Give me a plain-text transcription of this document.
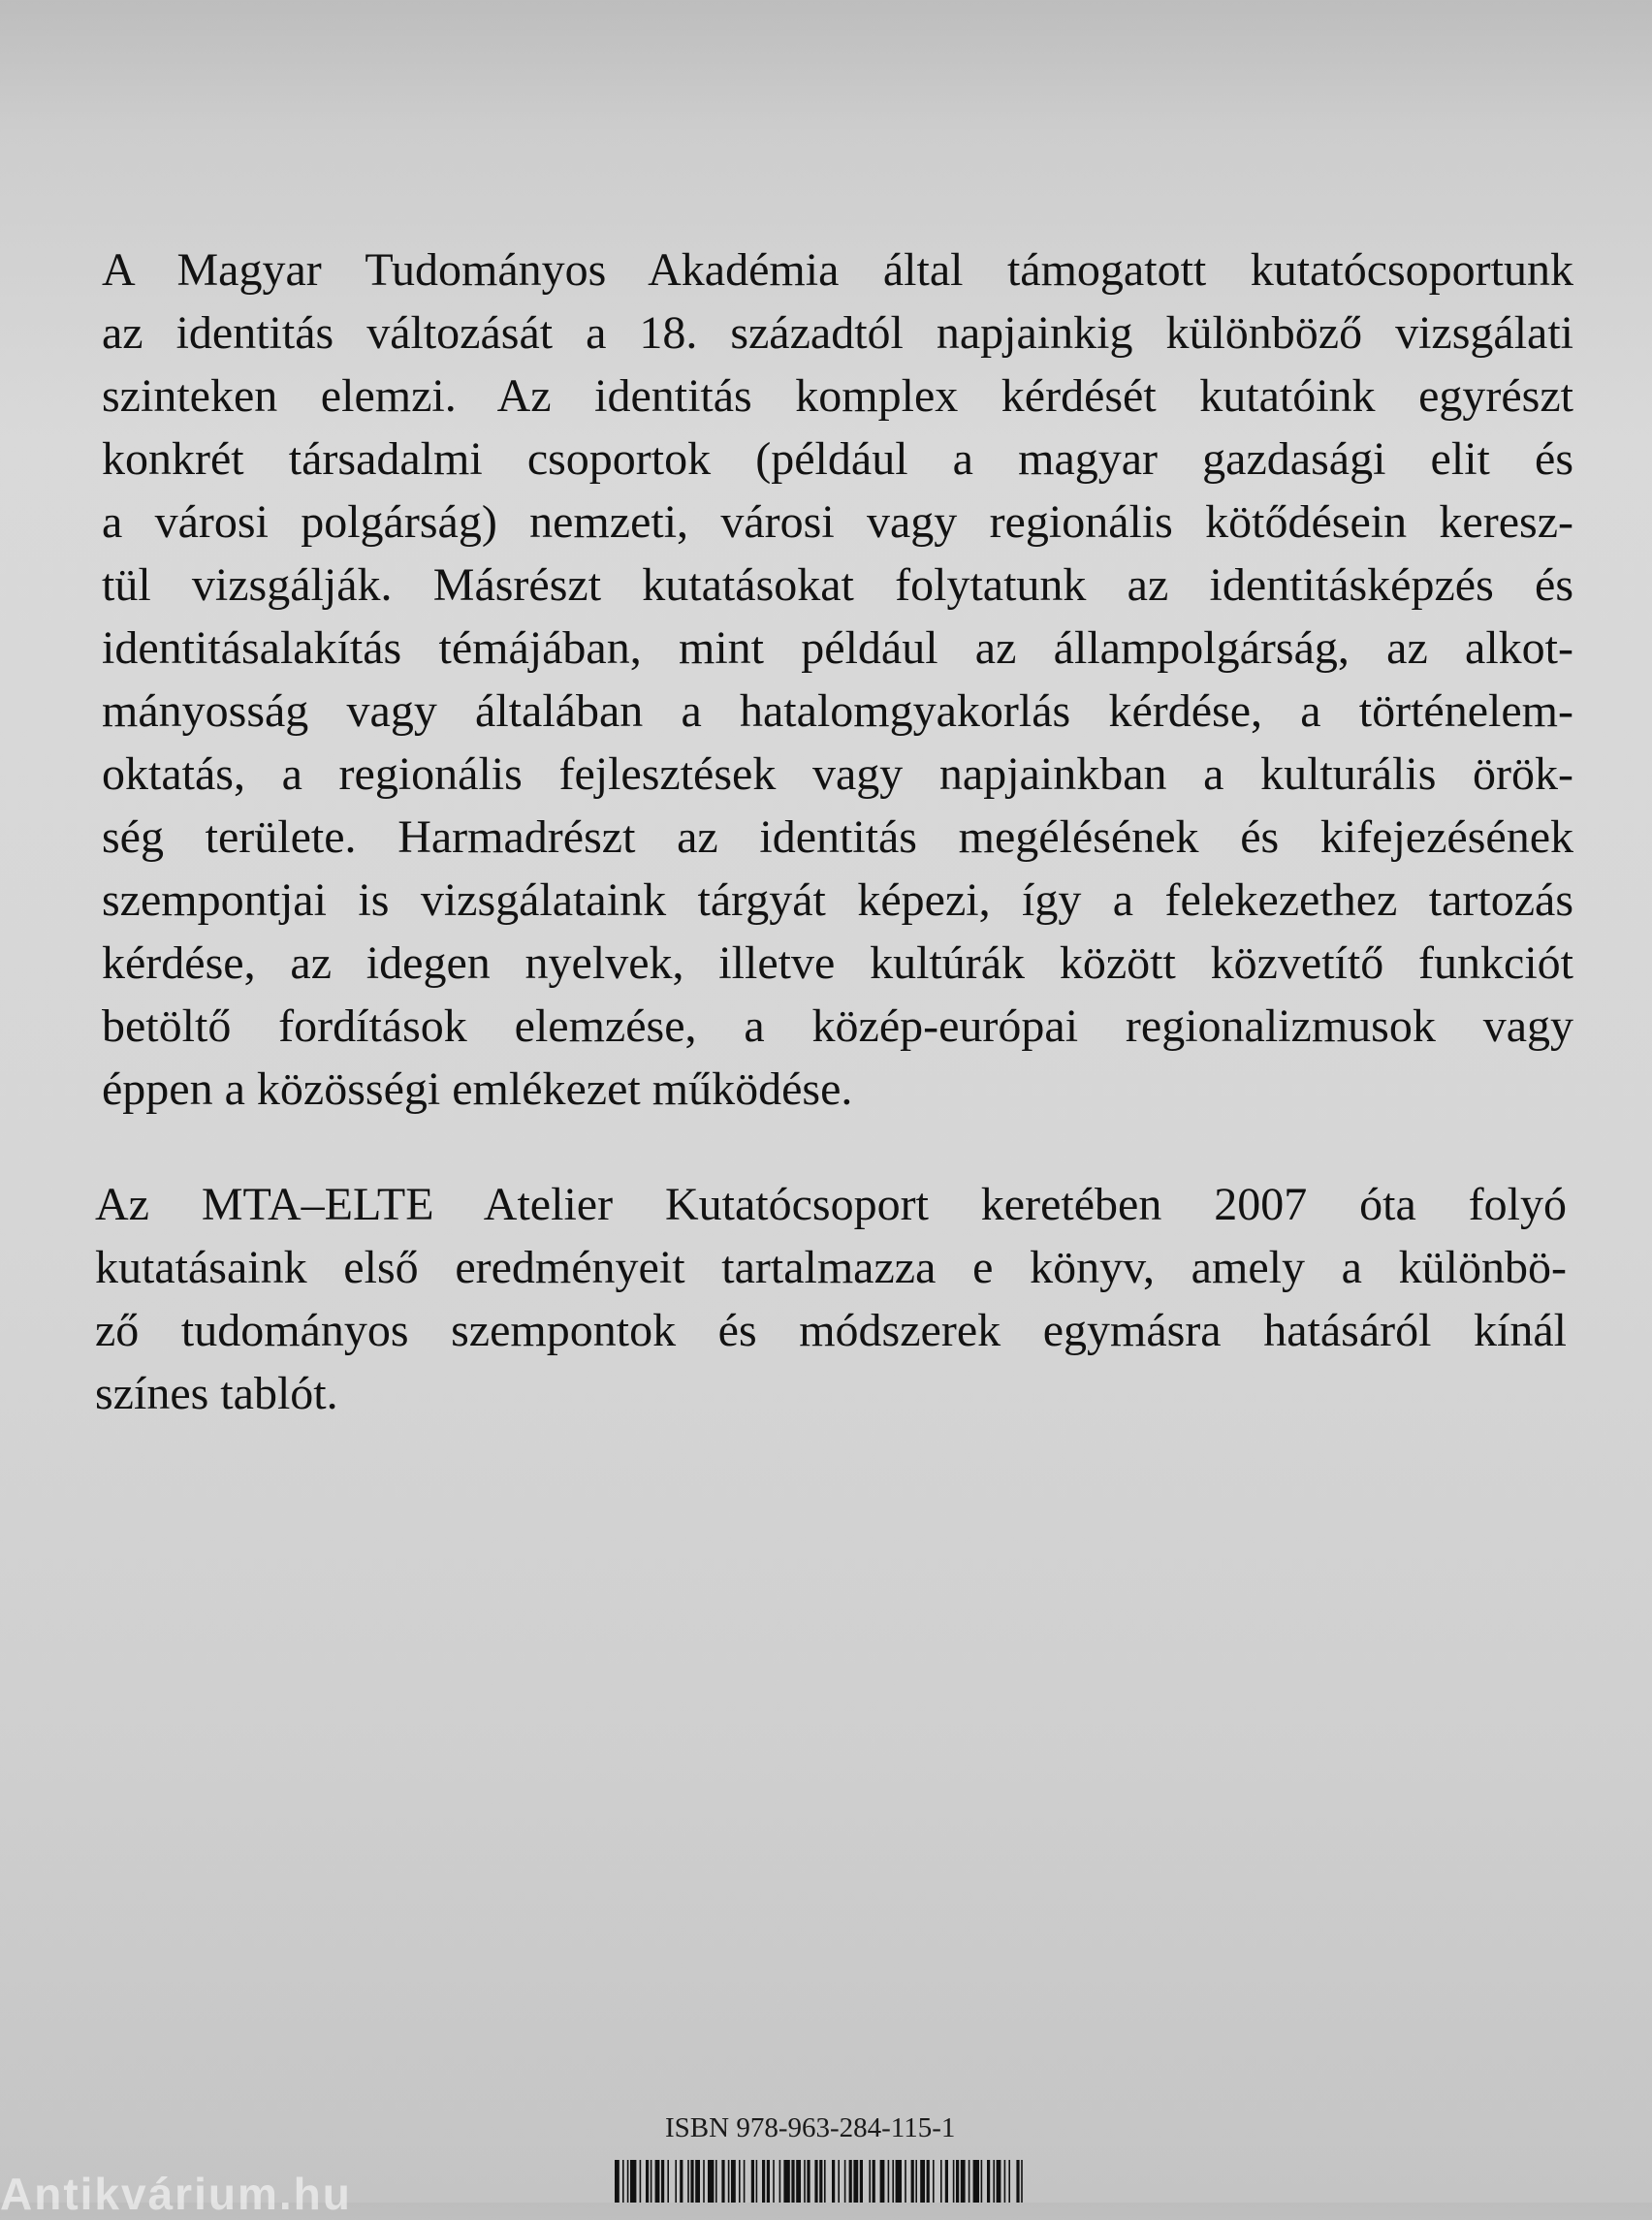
A Magyar Tudományos Akadémia által támogatott kutatócsoportunk
az identitás változását a 18. századtól napjainkig különböző vizsgálati
szinteken elemzi. Az identitás komplex kérdését kutatóink egyrészt
konkrét társadalmi csoportok (például a magyar gazdasági elit és
a városi polgárság) nemzeti, városi vagy regionális kötődésein keresz-
tül vizsgálják. Másrészt kutatásokat folytatunk az identitásképzés és
identitásalakítás témájában, mint például az állampolgárság, az alkot-
mányosság vagy általában a hatalomgyakorlás kérdése, a történelem-
oktatás, a regionális fejlesztések vagy napjainkban a kulturális örök-
ség területe. Harmadrészt az identitás megélésének és kifejezésének
szempontjai is vizsgálataink tárgyát képezi, így a felekezethez tartozás
kérdése, az idegen nyelvek, illetve kultúrák között közvetítő funkciót
betöltő fordítások elemzése, a közép-európai regionalizmusok vagy
éppen a közösségi emlékezet működése.
Az MTA–ELTE Atelier Kutatócsoport keretében 2007 óta folyó
kutatásaink első eredményeit tartalmazza e könyv, amely a különbö-
ző tudományos szempontok és módszerek egymásra hatásáról kínál
színes tablót.
ISBN 978-963-284-115-1
Antikvárium.hu
